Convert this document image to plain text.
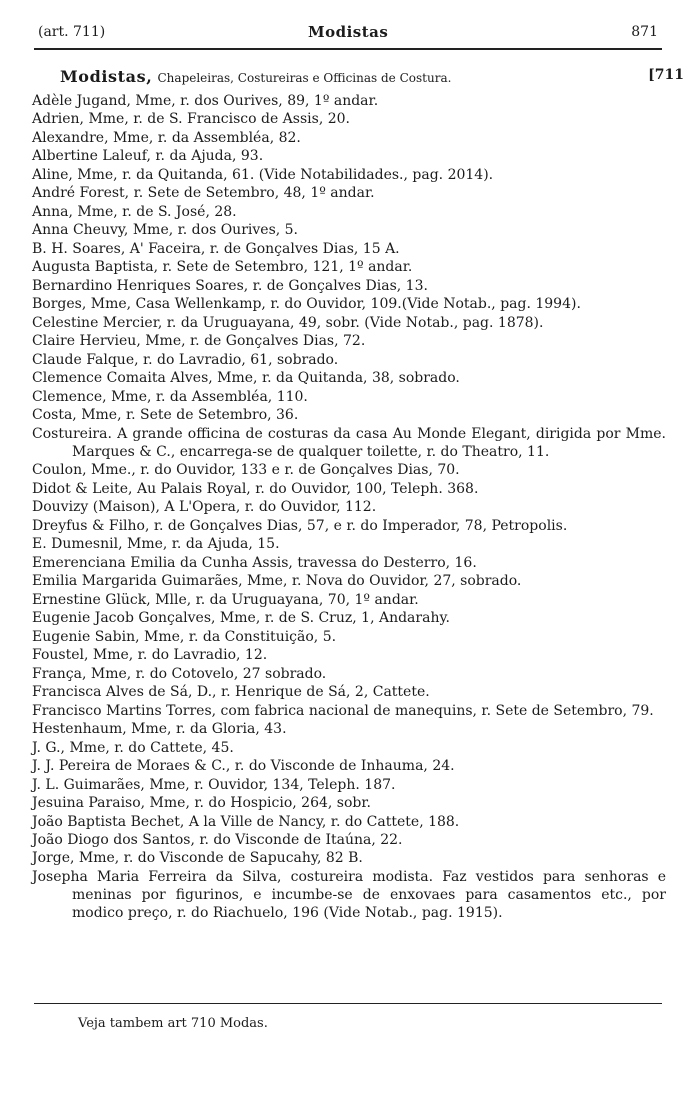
(art. 711)	Modistas	871
Modistas, Chapeleiras, Costureiras e Officinas de Costura.	[711
Adèle Jugand, Mme, r. dos Ourives, 89, 1º andar.
Adrien, Mme, r. de S. Francisco de Assis, 20.
Alexandre, Mme, r. da Assembléa, 82.
Albertine Laleuf, r. da Ajuda, 93.
Aline, Mme, r. da Quitanda, 61. (Vide Notabilidades., pag. 2014).
André Forest, r. Sete de Setembro, 48, 1º andar.
Anna, Mme, r. de S. José, 28.
Anna Cheuvy, Mme, r. dos Ourives, 5.
B. H. Soares, A' Faceira, r. de Gonçalves Dias, 15 A.
Augusta Baptista, r. Sete de Setembro, 121, 1º andar.
Bernardino Henriques Soares, r. de Gonçalves Dias, 13.
Borges, Mme, Casa Wellenkamp, r. do Ouvidor, 109.(Vide Notab., pag. 1994).
Celestine Mercier, r. da Uruguayana, 49, sobr. (Vide Notab., pag. 1878).
Claire Hervieu, Mme, r. de Gonçalves Dias, 72.
Claude Falque, r. do Lavradio, 61, sobrado.
Clemence Comaita Alves, Mme, r. da Quitanda, 38, sobrado.
Clemence, Mme, r. da Assembléa, 110.
Costa, Mme, r. Sete de Setembro, 36.
Costureira. A grande officina de costuras da casa Au Monde Elegant, dirigida por Mme. Marques & C., encarrega-se de qualquer toilette, r. do Theatro, 11.
Coulon, Mme., r. do Ouvidor, 133 e r. de Gonçalves Dias, 70.
Didot & Leite, Au Palais Royal, r. do Ouvidor, 100, Teleph. 368.
Douvizy (Maison), A L'Opera, r. do Ouvidor, 112.
Dreyfus & Filho, r. de Gonçalves Dias, 57, e r. do Imperador, 78, Petropolis.
E. Dumesnil, Mme, r. da Ajuda, 15.
Emerenciana Emilia da Cunha Assis, travessa do Desterro, 16.
Emilia Margarida Guimarães, Mme, r. Nova do Ouvidor, 27, sobrado.
Ernestine Glück, Mlle, r. da Uruguayana, 70, 1º andar.
Eugenie Jacob Gonçalves, Mme, r. de S. Cruz, 1, Andarahy.
Eugenie Sabin, Mme, r. da Constituição, 5.
Foustel, Mme, r. do Lavradio, 12.
França, Mme, r. do Cotovelo, 27 sobrado.
Francisca Alves de Sá, D., r. Henrique de Sá, 2, Cattete.
Francisco Martins Torres, com fabrica nacional de manequins, r. Sete de Setembro, 79.
Hestenhaum, Mme, r. da Gloria, 43.
J. G., Mme, r. do Cattete, 45.
J. J. Pereira de Moraes & C., r. do Visconde de Inhauma, 24.
J. L. Guimarães, Mme, r. Ouvidor, 134, Teleph. 187.
Jesuina Paraiso, Mme, r. do Hospicio, 264, sobr.
João Baptista Bechet, A la Ville de Nancy, r. do Cattete, 188.
João Diogo dos Santos, r. do Visconde de Itaúna, 22.
Jorge, Mme, r. do Visconde de Sapucahy, 82 B.
Josepha Maria Ferreira da Silva, costureira modista. Faz vestidos para senhoras e meninas por figurinos, e incumbe-se de enxovaes para casamentos etc., por modico preço, r. do Riachuelo, 196 (Vide Notab., pag. 1915).
Veja tambem art 710 Modas.
